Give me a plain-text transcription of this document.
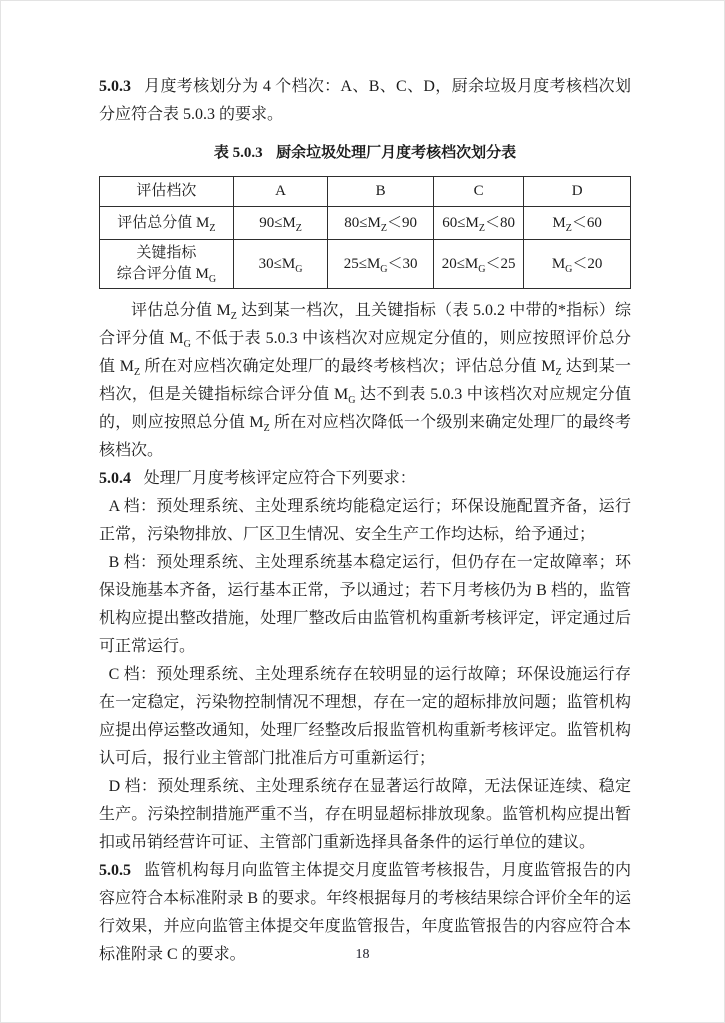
5.0.3 月度考核划分为 4 个档次：A、B、C、D，厨余垃圾月度考核档次划分应符合表 5.0.3 的要求。

表 5.0.3 厨余垃圾处理厂月度考核档次划分表

评估档次	A	B	C	D
评估总分值 $M_Z$	$90\le M_Z$	$80\le M_Z<90$	$60\le M_Z<80$	$M_Z<60$
关键指标
综合评分值 $M_G$	$30\le M_G$	$25\le M_G<30$	$20\le M_G<25$	$M_G<20$

评估总分值 $M_Z$ 达到某一档次，且关键指标（表 5.0.2 中带的*指标）综合评分值 $M_G$ 不低于表 5.0.3 中该档次对应规定分值的，则应按照评价总分值 $M_Z$ 所在对应档次确定处理厂的最终考核档次；评估总分值 $M_Z$ 达到某一档次，但是关键指标综合评分值 $M_G$ 达不到表 5.0.3 中该档次对应规定分值的，则应按照总分值 $M_Z$ 所在对应档次降低一个级别来确定处理厂的最终考核档次。

5.0.4 处理厂月度考核评定应符合下列要求：

A 档：预处理系统、主处理系统均能稳定运行；环保设施配置齐备，运行正常，污染物排放、厂区卫生情况、安全生产工作均达标，给予通过；

B 档：预处理系统、主处理系统基本稳定运行，但仍存在一定故障率；环保设施基本齐备，运行基本正常，予以通过；若下月考核仍为 B 档的，监管机构应提出整改措施，处理厂整改后由监管机构重新考核评定，评定通过后可正常运行。

C 档：预处理系统、主处理系统存在较明显的运行故障；环保设施运行存在一定稳定，污染物控制情况不理想，存在一定的超标排放问题；监管机构应提出停运整改通知，处理厂经整改后报监管机构重新考核评定。监管机构认可后，报行业主管部门批准后方可重新运行；

D 档：预处理系统、主处理系统存在显著运行故障，无法保证连续、稳定生产。污染控制措施严重不当，存在明显超标排放现象。监管机构应提出暂扣或吊销经营许可证、主管部门重新选择具备条件的运行单位的建议。

5.0.5 监管机构每月向监管主体提交月度监管考核报告，月度监管报告的内容应符合本标准附录 B 的要求。年终根据每月的考核结果综合评价全年的运行效果，并应向监管主体提交年度监管报告，年度监管报告的内容应符合本标准附录 C 的要求。	18
